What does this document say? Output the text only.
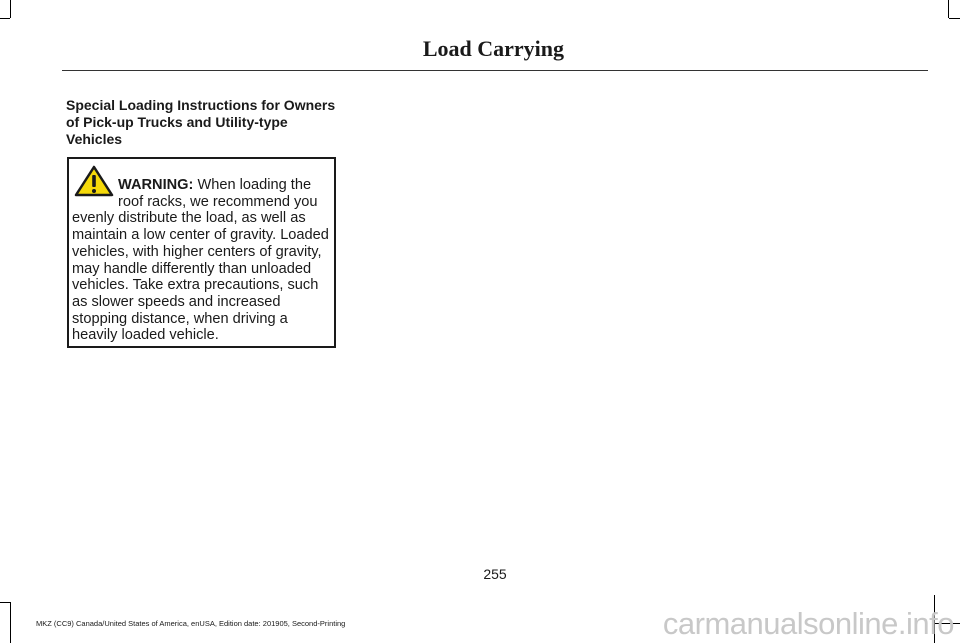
Load Carrying
Special Loading Instructions for Owners of Pick-up Trucks and Utility-type Vehicles

WARNING: When loading the roof racks, we recommend you evenly distribute the load, as well as maintain a low center of gravity. Loaded vehicles, with higher centers of gravity, may handle differently than unloaded vehicles. Take extra precautions, such as slower speeds and increased stopping distance, when driving a heavily loaded vehicle.

255
MKZ (CC9) Canada/United States of America, enUSA, Edition date: 201905, Second-Printing	carmanualsonline.info
